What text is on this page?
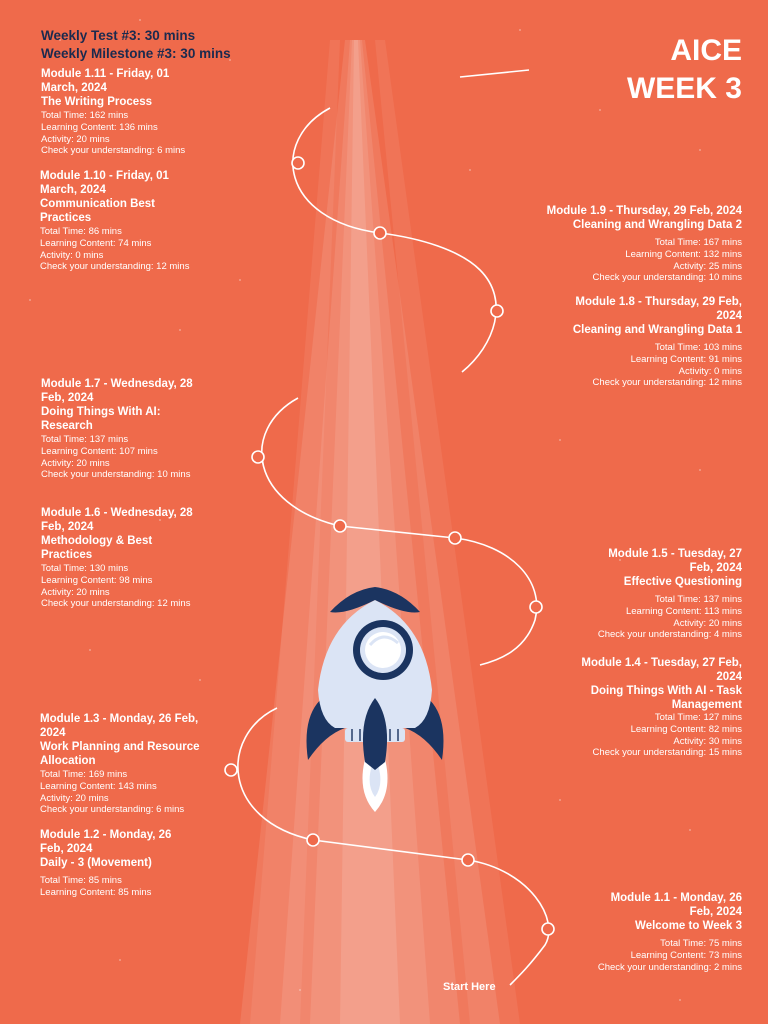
Weekly Test #3: 30 mins

Weekly Milestone #3: 30 mins	AICE
WEEK 3

Module 1.11 - Friday, 01 March, 2024

The Writing Process

Total Time: 162 mins
Learning Content: 136 mins
Activity: 20 mins
Check your understanding: 6 mins

Module 1.10 - Friday, 01 March, 2024

Communication Best Practices

Total Time: 86 mins
Learning Content: 74 mins
Activity: 0 mins
Check your understanding: 12 mins

Module 1.7 - Wednesday, 28 Feb, 2024

Doing Things With AI: Research

Total Time: 137 mins
Learning Content: 107 mins
Activity: 20 mins
Check your understanding: 10 mins

Module 1.6 - Wednesday, 28 Feb, 2024

Methodology & Best Practices

Total Time: 130 mins
Learning Content: 98 mins
Activity: 20 mins
Check your understanding: 12 mins

Module 1.3 - Monday, 26 Feb, 2024

Work Planning and Resource Allocation

Total Time: 169 mins
Learning Content: 143 mins
Activity: 20 mins
Check your understanding: 6 mins

Module 1.2 - Monday, 26 Feb, 2024

Daily - 3 (Movement)

Total Time: 85 mins
Learning Content: 85 mins

Module 1.9 - Thursday, 29 Feb, 2024

Cleaning and Wrangling Data 2

Total Time: 167 mins
Learning Content: 132 mins
Activity: 25 mins
Check your understanding: 10 mins

Module 1.8 - Thursday, 29 Feb, 2024

Cleaning and Wrangling Data 1

Total Time: 103 mins
Learning Content: 91 mins
Activity: 0 mins
Check your understanding: 12 mins

Module 1.5 - Tuesday, 27 Feb, 2024

Effective Questioning

Total Time: 137 mins
Learning Content: 113 mins
Activity: 20 mins
Check your understanding: 4 mins

Module 1.4 - Tuesday, 27 Feb, 2024

Doing Things With AI - Task Management

Total Time: 127 mins
Learning Content: 82 mins
Activity: 30 mins
Check your understanding: 15 mins

Module 1.1 - Monday, 26 Feb, 2024

Welcome to Week 3

Total Time: 75 mins
Learning Content: 73 mins
Check your understanding: 2 mins
Start Here
